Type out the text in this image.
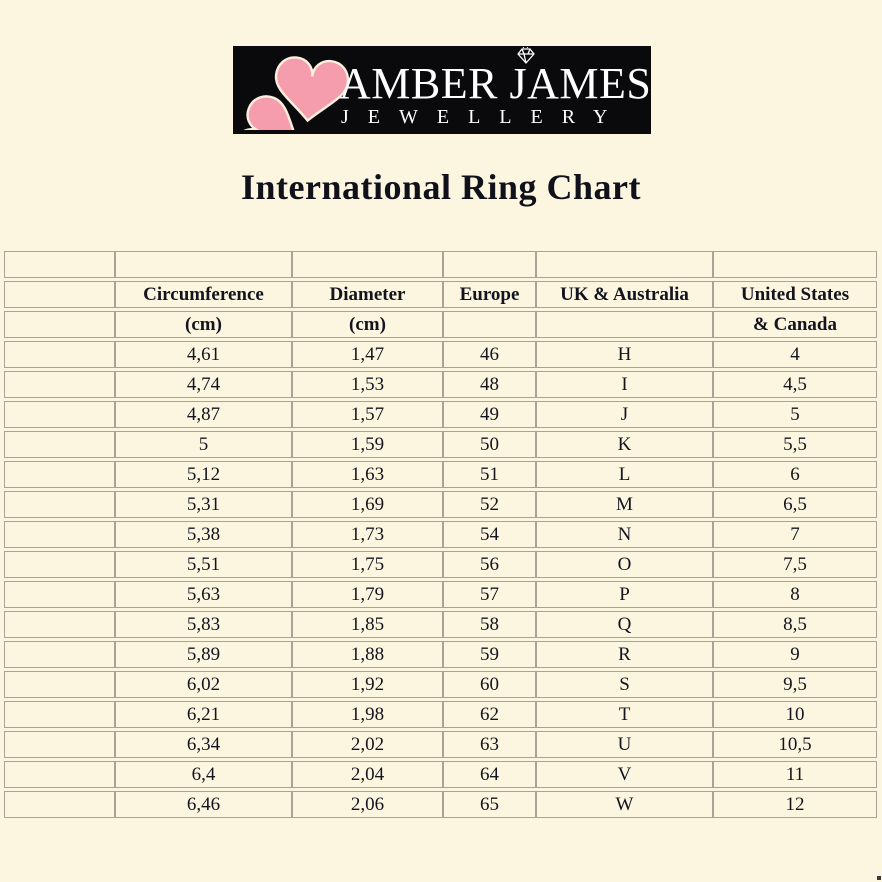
AMBER JAMES
JEWELLERY
International Ring Chart

	Circumference	Diameter	Europe	UK & Australia	United States
	(cm)	(cm)			& Canada
	4,61	1,47	46	H	4
	4,74	1,53	48	I	4,5
	4,87	1,57	49	J	5
	5	1,59	50	K	5,5
	5,12	1,63	51	L	6
	5,31	1,69	52	M	6,5
	5,38	1,73	54	N	7
	5,51	1,75	56	O	7,5
	5,63	1,79	57	P	8
	5,83	1,85	58	Q	8,5
	5,89	1,88	59	R	9
	6,02	1,92	60	S	9,5
	6,21	1,98	62	T	10
	6,34	2,02	63	U	10,5
	6,4	2,04	64	V	11
	6,46	2,06	65	W	12
